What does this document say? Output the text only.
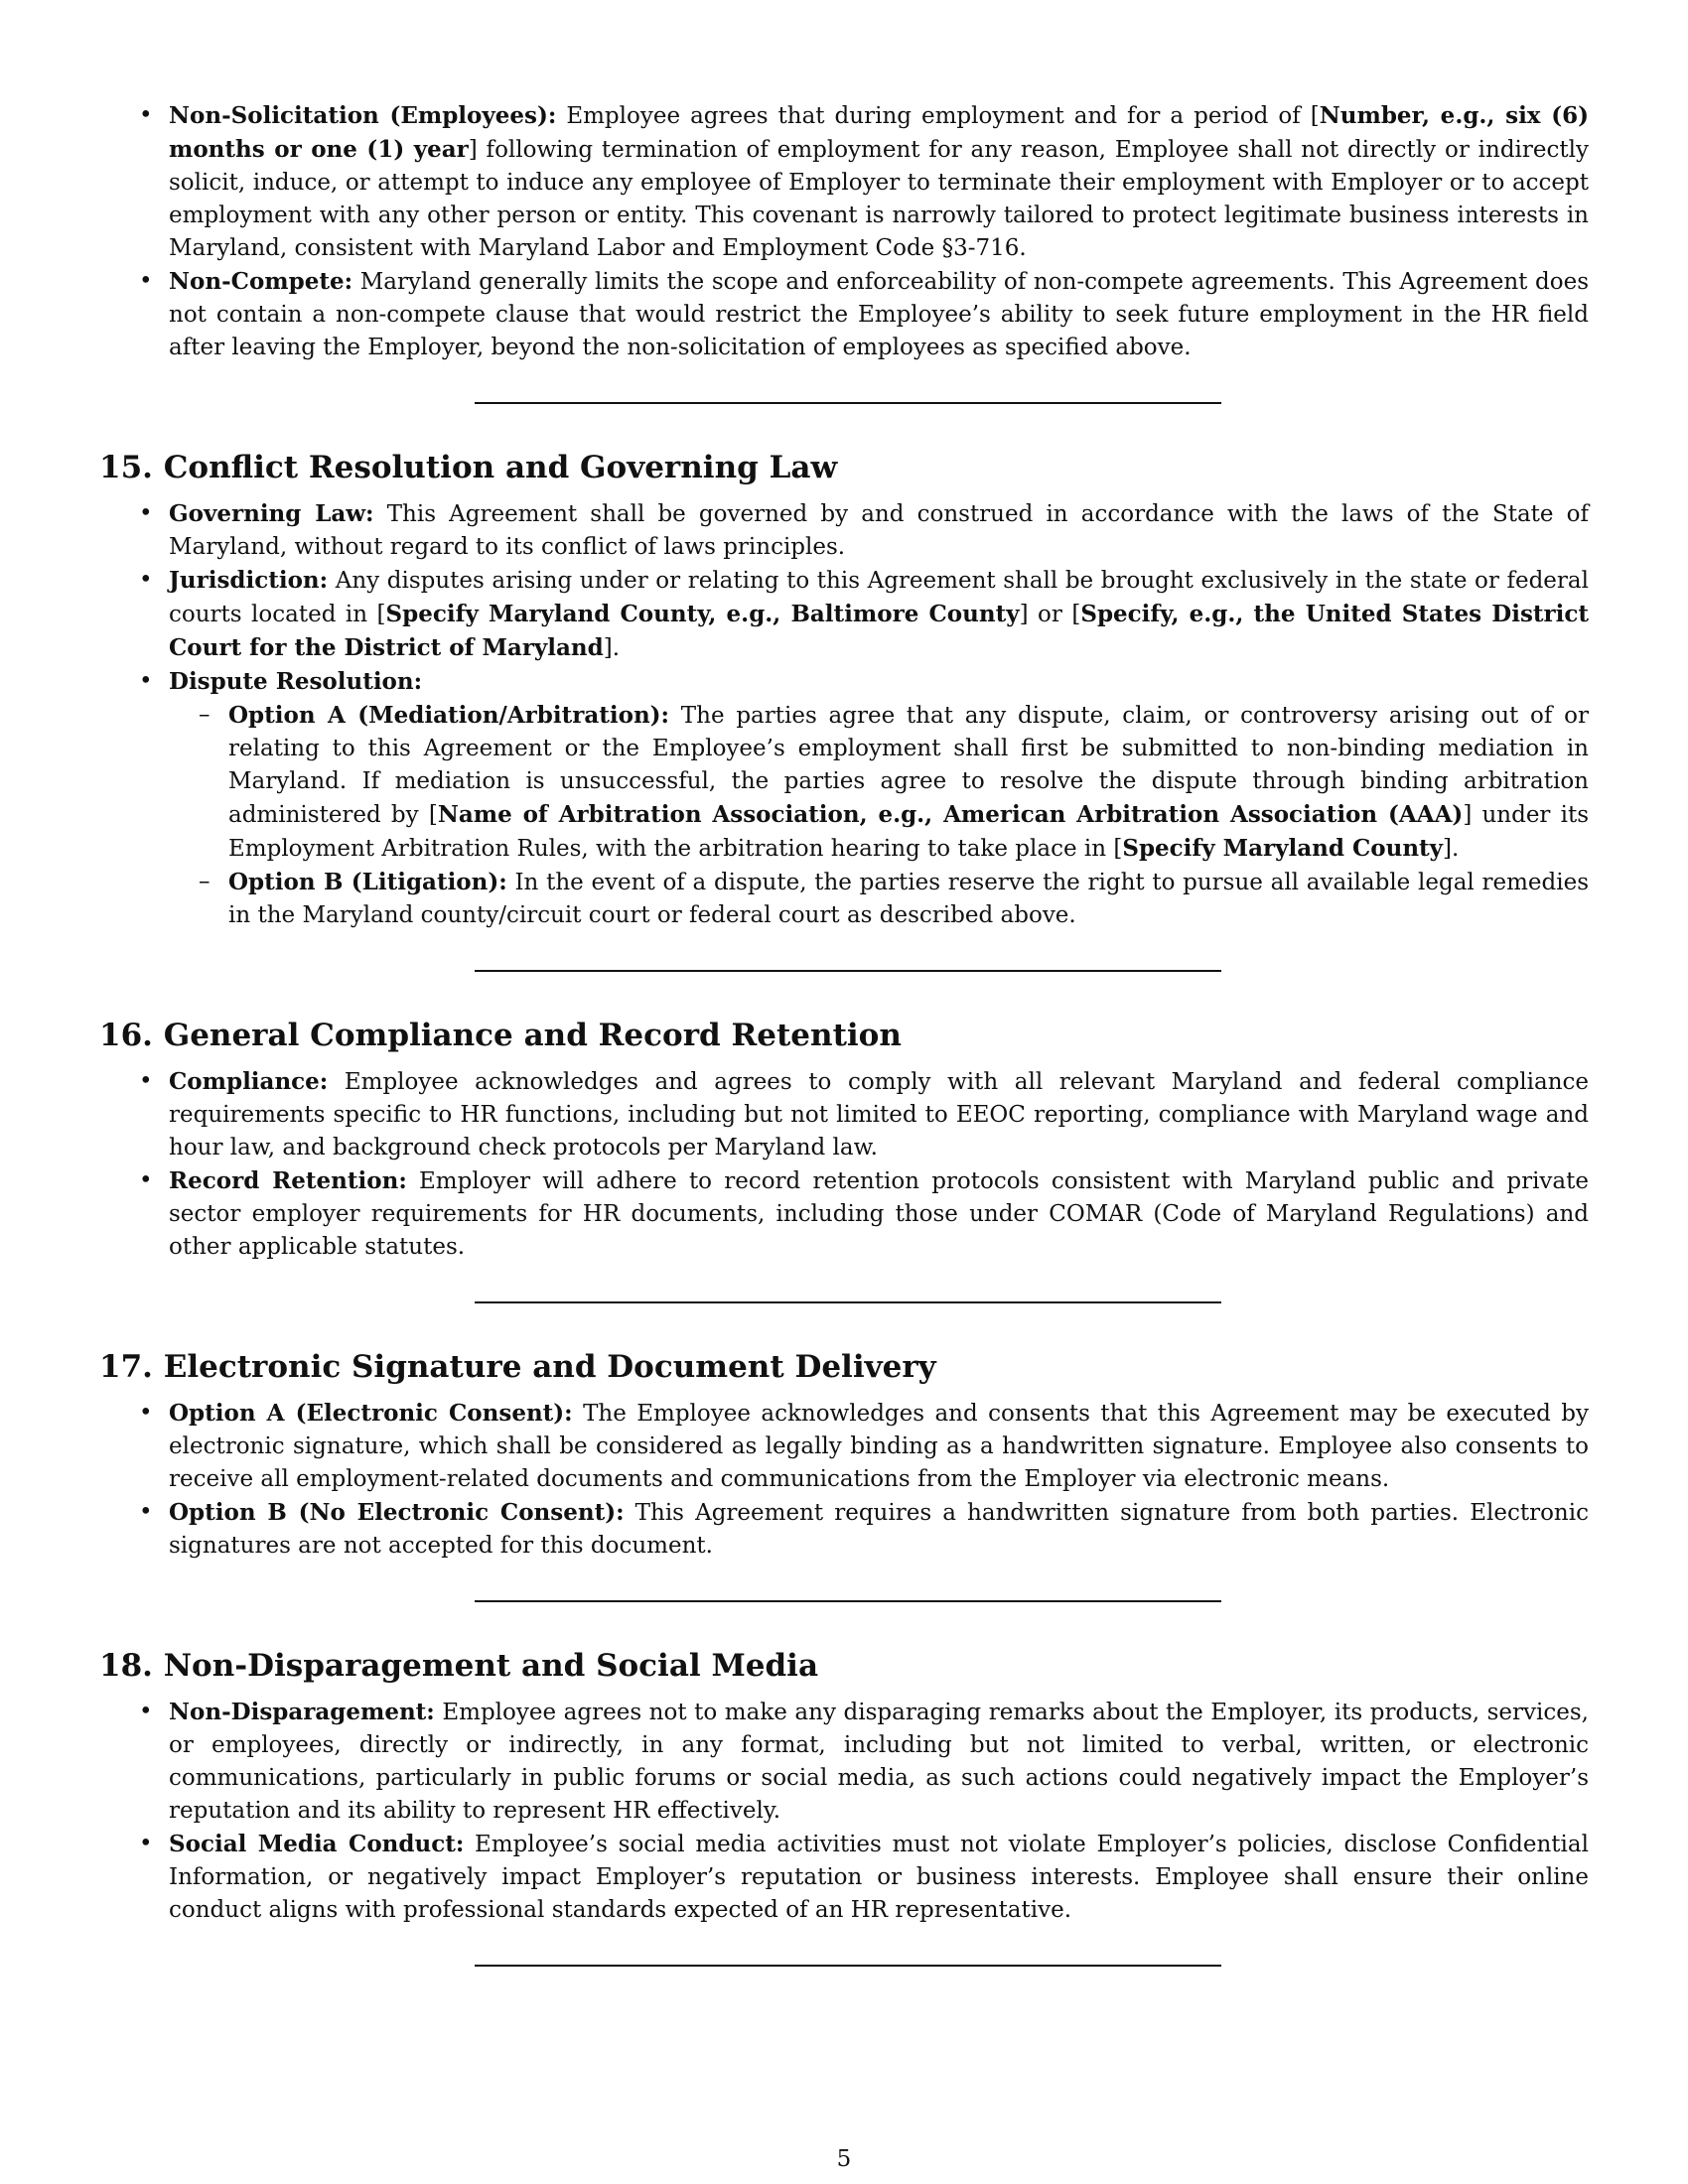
• Non-Solicitation (Employees): Employee agrees that during employment and for a period of [Number, e.g., six (6) months or one (1) year] following termination of employment for any reason, Employee shall not directly or indirectly solicit, induce, or attempt to induce any employee of Employer to terminate their employment with Employer or to accept employment with any other person or entity. This covenant is narrowly tailored to protect legitimate business interests in Maryland, consistent with Maryland Labor and Employment Code §3-716.
• Non-Compete: Maryland generally limits the scope and enforceability of non-compete agreements. This Agreement does not contain a non-compete clause that would restrict the Employee’s ability to seek future employment in the HR field after leaving the Employer, beyond the non-solicitation of employees as specified above.
15. Conflict Resolution and Governing Law
• Governing Law: This Agreement shall be governed by and construed in accordance with the laws of the State of Maryland, without regard to its conflict of laws principles.
• Jurisdiction: Any disputes arising under or relating to this Agreement shall be brought exclusively in the state or federal courts located in [Specify Maryland County, e.g., Baltimore County] or [Specify, e.g., the United States District Court for the District of Maryland].
• Dispute Resolution:
– Option A (Mediation/Arbitration): The parties agree that any dispute, claim, or controversy arising out of or relating to this Agreement or the Employee’s employment shall first be submitted to non-binding mediation in Maryland. If mediation is unsuccessful, the parties agree to resolve the dispute through binding arbitration administered by [Name of Arbitration Association, e.g., American Arbitration Association (AAA)] under its Employment Arbitration Rules, with the arbitration hearing to take place in [Specify Maryland County].
– Option B (Litigation): In the event of a dispute, the parties reserve the right to pursue all available legal remedies in the Maryland county/circuit court or federal court as described above.
16. General Compliance and Record Retention
• Compliance: Employee acknowledges and agrees to comply with all relevant Maryland and federal compliance requirements specific to HR functions, including but not limited to EEOC reporting, compliance with Maryland wage and hour law, and background check protocols per Maryland law.
• Record Retention: Employer will adhere to record retention protocols consistent with Maryland public and private sector employer requirements for HR documents, including those under COMAR (Code of Maryland Regulations) and other applicable statutes.
17. Electronic Signature and Document Delivery
• Option A (Electronic Consent): The Employee acknowledges and consents that this Agreement may be executed by electronic signature, which shall be considered as legally binding as a handwritten signature. Employee also consents to receive all employment-related documents and communications from the Employer via electronic means.
• Option B (No Electronic Consent): This Agreement requires a handwritten signature from both parties. Electronic signatures are not accepted for this document.
18. Non-Disparagement and Social Media
• Non-Disparagement: Employee agrees not to make any disparaging remarks about the Employer, its products, services, or employees, directly or indirectly, in any format, including but not limited to verbal, written, or electronic communications, particularly in public forums or social media, as such actions could negatively impact the Employer’s reputation and its ability to represent HR effectively.
• Social Media Conduct: Employee’s social media activities must not violate Employer’s policies, disclose Confidential Information, or negatively impact Employer’s reputation or business interests. Employee shall ensure their online conduct aligns with professional standards expected of an HR representative.
5
